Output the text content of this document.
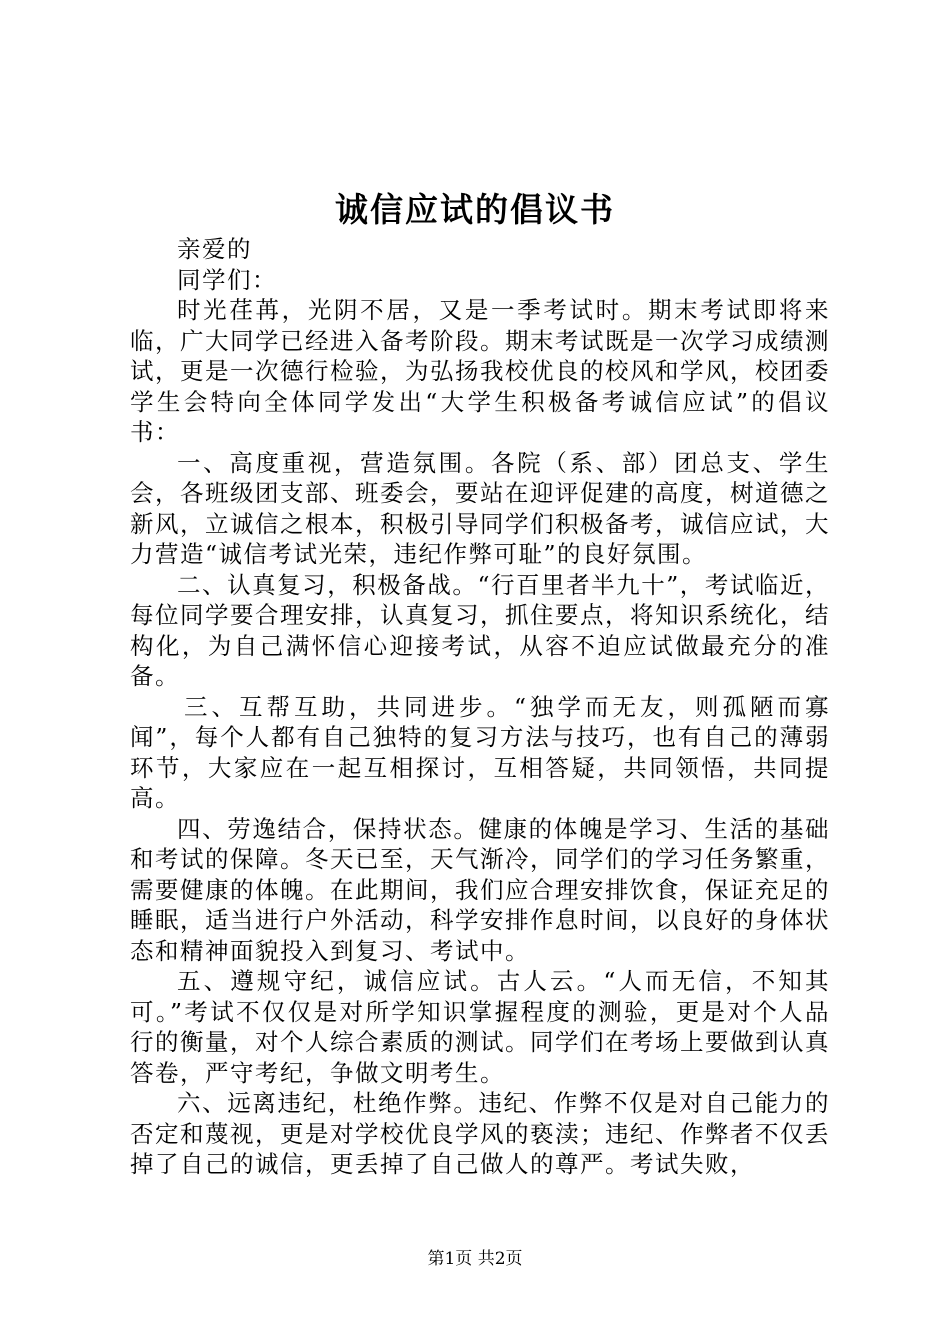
诚信应试的倡议书

亲爱的

同学们：

时光荏苒，光阴不居，又是一季考试时。期末考试即将来临，广大同学已经进入备考阶段。期末考试既是一次学习成绩测试，更是一次德行检验，为弘扬我校优良的校风和学风，校团委学生会特向全体同学发出“大学生积极备考诚信应试”的倡议书：

一、高度重视，营造氛围。各院（系、部）团总支、学生会，各班级团支部、班委会，要站在迎评促建的高度，树道德之新风，立诚信之根本，积极引导同学们积极备考，诚信应试，大力营造“诚信考试光荣，违纪作弊可耻”的良好氛围。

二、认真复习，积极备战。“行百里者半九十”，考试临近，每位同学要合理安排，认真复习，抓住要点，将知识系统化，结构化，为自己满怀信心迎接考试，从容不迫应试做最充分的准备。

三、互帮互助，共同进步。“独学而无友，则孤陋而寡闻”，每个人都有自己独特的复习方法与技巧，也有自己的薄弱环节，大家应在一起互相探讨，互相答疑，共同领悟，共同提高。

四、劳逸结合，保持状态。健康的体魄是学习、生活的基础和考试的保障。冬天已至，天气渐冷，同学们的学习任务繁重，需要健康的体魄。在此期间，我们应合理安排饮食，保证充足的睡眠，适当进行户外活动，科学安排作息时间，以良好的身体状态和精神面貌投入到复习、考试中。

五、遵规守纪，诚信应试。古人云。“人而无信，不知其可。”考试不仅仅是对所学知识掌握程度的测验，更是对个人品行的衡量，对个人综合素质的测试。同学们在考场上要做到认真答卷，严守考纪，争做文明考生。

六、远离违纪，杜绝作弊。违纪、作弊不仅是对自己能力的否定和蔑视，更是对学校优良学风的亵渎；违纪、作弊者不仅丢掉了自己的诚信，更丢掉了自己做人的尊严。考试失败，

第1页 共2页
